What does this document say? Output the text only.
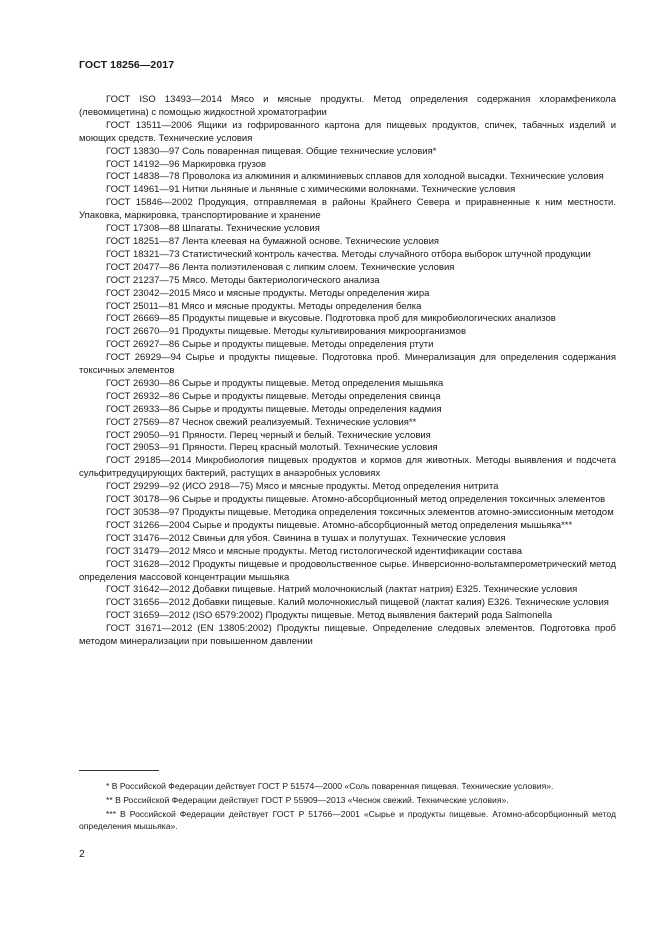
ГОСТ 18256—2017

ГОСТ ISO 13493—2014 Мясо и мясные продукты. Метод определения содержания хлорамфеникола (левомицетина) с помощью жидкостной хроматографии

ГОСТ 13511—2006 Ящики из гофрированного картона для пищевых продуктов, спичек, табачных изделий и моющих средств. Технические условия

ГОСТ 13830—97 Соль поваренная пищевая. Общие технические условия*

ГОСТ 14192—96 Маркировка грузов

ГОСТ 14838—78 Проволока из алюминия и алюминиевых сплавов для холодной высадки. Технические условия

ГОСТ 14961—91 Нитки льняные и льняные с химическими волокнами. Технические условия

ГОСТ 15846—2002 Продукция, отправляемая в районы Крайнего Севера и приравненные к ним местности. Упаковка, маркировка, транспортирование и хранение

ГОСТ 17308—88 Шпагаты. Технические условия

ГОСТ 18251—87 Лента клеевая на бумажной основе. Технические условия

ГОСТ 18321—73 Статистический контроль качества. Методы случайного отбора выборок штучной продукции

ГОСТ 20477—86 Лента полиэтиленовая с липким слоем. Технические условия

ГОСТ 21237—75 Мясо. Методы бактериологического анализа

ГОСТ 23042—2015 Мясо и мясные продукты. Методы определения жира

ГОСТ 25011—81 Мясо и мясные продукты. Методы определения белка

ГОСТ 26669—85 Продукты пищевые и вкусовые. Подготовка проб для микробиологических анализов

ГОСТ 26670—91 Продукты пищевые. Методы культивирования микроорганизмов

ГОСТ 26927—86 Сырье и продукты пищевые. Методы определения ртути

ГОСТ 26929—94 Сырье и продукты пищевые. Подготовка проб. Минерализация для определения содержания токсичных элементов

ГОСТ 26930—86 Сырье и продукты пищевые. Метод определения мышьяка

ГОСТ 26932—86 Сырье и продукты пищевые. Методы определения свинца

ГОСТ 26933—86 Сырье и продукты пищевые. Методы определения кадмия

ГОСТ 27569—87 Чеснок свежий реализуемый. Технические условия**

ГОСТ 29050—91 Пряности. Перец черный и белый. Технические условия

ГОСТ 29053—91 Пряности. Перец красный молотый. Технические условия

ГОСТ 29185—2014 Микробиология пищевых продуктов и кормов для животных. Методы выявления и подсчета сульфитредуцирующих бактерий, растущих в анаэробных условиях

ГОСТ 29299—92 (ИСО 2918—75) Мясо и мясные продукты. Метод определения нитрита

ГОСТ 30178—96 Сырье и продукты пищевые. Атомно-абсорбционный метод определения токсичных элементов

ГОСТ 30538—97 Продукты пищевые. Методика определения токсичных элементов атомно-эмиссионным методом

ГОСТ 31266—2004 Сырье и продукты пищевые. Атомно-абсорбционный метод определения мышьяка***

ГОСТ 31476—2012 Свиньи для убоя. Свинина в тушах и полутушах. Технические условия

ГОСТ 31479—2012 Мясо и мясные продукты. Метод гистологической идентификации состава

ГОСТ 31628—2012 Продукты пищевые и продовольственное сырье. Инверсионно-вольтамперометрический метод определения массовой концентрации мышьяка

ГОСТ 31642—2012 Добавки пищевые. Натрий молочнокислый (лактат натрия) Е325. Технические условия

ГОСТ 31656—2012 Добавки пищевые. Калий молочнокислый пищевой (лактат калия) Е326. Технические условия

ГОСТ 31659—2012 (ISO 6579:2002) Продукты пищевые. Метод выявления бактерий рода Salmonella

ГОСТ 31671—2012 (EN 13805:2002) Продукты пищевые. Определение следовых элементов. Подготовка проб методом минерализации при повышенном давлении

* В Российской Федерации действует ГОСТ Р 51574—2000 «Соль поваренная пищевая. Технические условия».

** В Российской Федерации действует ГОСТ Р 55909—2013 «Чеснок свежий. Технические условия».

*** В Российской Федерации действует ГОСТ Р 51766—2001 «Сырье и продукты пищевые. Атомно-абсорбционный метод определения мышьяка».

2
